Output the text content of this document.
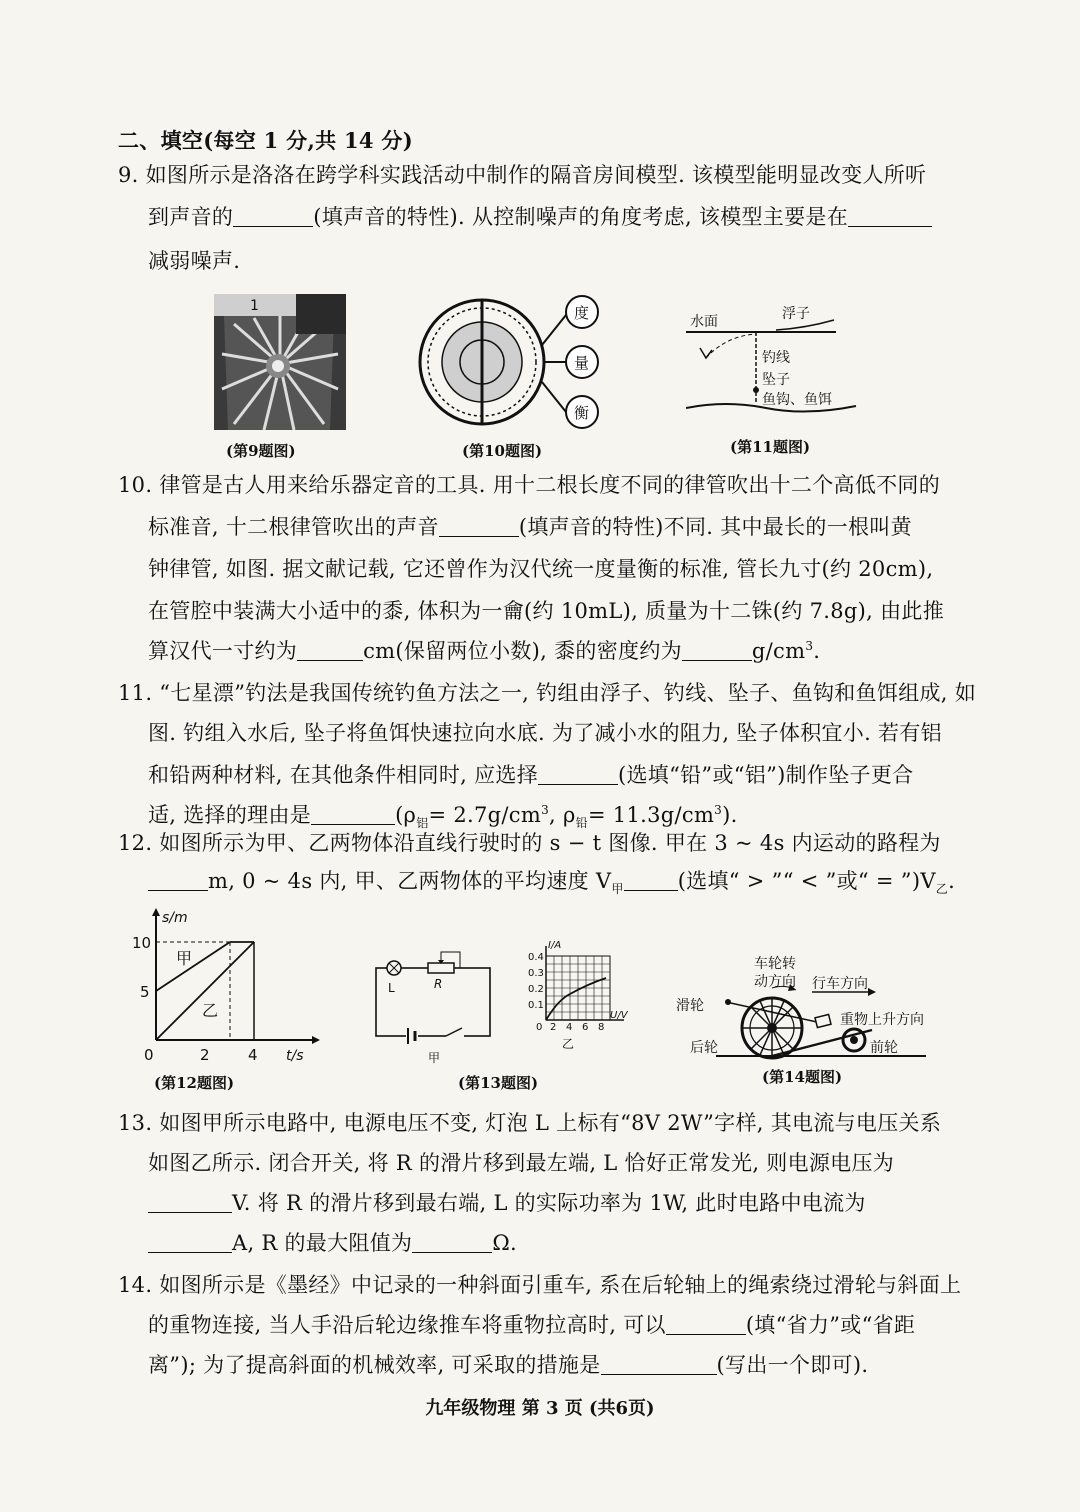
二、填空(每空 1 分,共 14 分)
9. 如图所示是洛洛在跨学科实践活动中制作的隔音房间模型. 该模型能明显改变人所听
到声音的	(填声音的特性). 从控制噪声的角度考虑, 该模型主要是在
减弱噪声.
1
(第9题图)
度
量
衡
(第10题图)
水面	浮子
钓线
坠子
鱼钩、鱼饵
(第11题图)
10. 律管是古人用来给乐器定音的工具. 用十二根长度不同的律管吹出十二个高低不同的
标准音, 十二根律管吹出的声音	(填声音的特性)不同. 其中最长的一根叫黄
钟律管, 如图. 据文献记载, 它还曾作为汉代统一度量衡的标准, 管长九寸(约 20cm),
在管腔中装满大小适中的黍, 体积为一龠(约 10mL), 质量为十二铢(约 7.8g), 由此推
算汉代一寸约为	cm(保留两位小数), 黍的密度约为	$g/cm^3$.
11. “七星漂”钓法是我国传统钓鱼方法之一, 钓组由浮子、钓线、坠子、鱼钩和鱼饵组成, 如
图. 钓组入水后, 坠子将鱼饵快速拉向水底. 为了减小水的阻力, 坠子体积宜小. 若有铝
和铅两种材料, 在其他条件相同时, 应选择	(选填“铅”或“铝”)制作坠子更合
适, 选择的理由是	($\rho_铝= 2.7g/cm^3$, $\rho_铅= 11.3g/cm^3$).
12. 如图所示为甲、乙两物体沿直线行驶时的 s − t 图像. 甲在 3 ~ 4s 内运动的路程为
m, 0 ~ 4s 内, 甲、乙两物体的平均速度 $V_甲$	(选填“ > ”“ < ”或“ = $”)V_乙$.
s/m
t/s
10
5
0	2	4
甲
乙
(第12题图)
L	R
甲
I/A
U/V
0.4
0.3
0.2
0.1
0 2 4 6 8
乙
(第13题图)
车轮转
动方向 行车方向
滑轮
后轮
重物上升方向
前轮
(第14题图)
13. 如图甲所示电路中, 电源电压不变, 灯泡 L 上标有“8V 2W”字样, 其电流与电压关系
如图乙所示. 闭合开关, 将 R 的滑片移到最左端, L 恰好正常发光, 则电源电压为
V. 将 R 的滑片移到最右端, L 的实际功率为 1W, 此时电路中电流为
A, R 的最大阻值为	Ω.
14. 如图所示是《墨经》中记录的一种斜面引重车, 系在后轮轴上的绳索绕过滑轮与斜面上
的重物连接, 当人手沿后轮边缘推车将重物拉高时, 可以	(填“省力”或“省距
离”); 为了提高斜面的机械效率, 可采取的措施是	(写出一个即可).
九年级物理 第 3 页 (共6页)
